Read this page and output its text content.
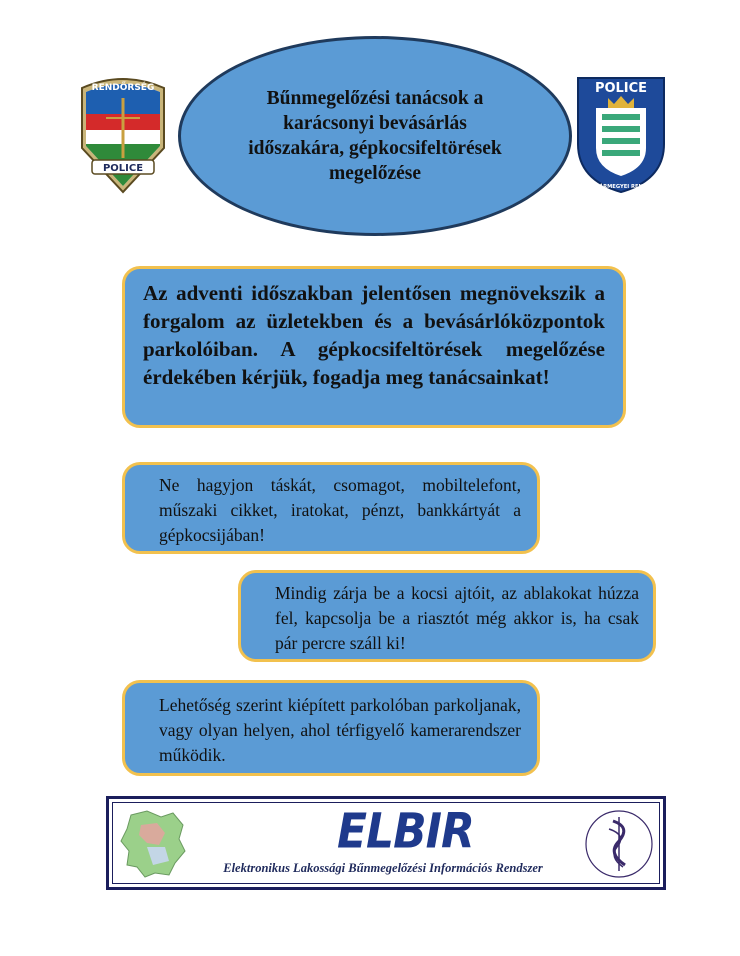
POLICE
RENDŐRSÉG	Bűnmegelőzési tanácsok a karácsonyi bevásárlás időszakára, gépkocsifeltörések megelőzése
POLICE
BÉKÉS VÁRMEGYEI RENDŐRSÉG
Az adventi időszakban jelentősen megnövekszik a forgalom az üzletekben és a bevásárlóközpontok parkolóiban. A gépkocsifeltörések megelőzése érdekében kérjük, fogadja meg tanácsainkat!
Ne hagyjon táskát, csomagot, mobiltelefont, műszaki cikket, iratokat, pénzt, bankkártyát a gépkocsijában!
Mindig zárja be a kocsi ajtóit, az ablakokat húzza fel, kapcsolja be a riasztót még akkor is, ha csak pár percre száll ki!
Lehetőség szerint kiépített parkolóban parkoljanak, vagy olyan helyen, ahol térfigyelő kamerarendszer működik.
ELBIR
Elektronikus Lakossági Bűnmegelőzési Információs Rendszer
